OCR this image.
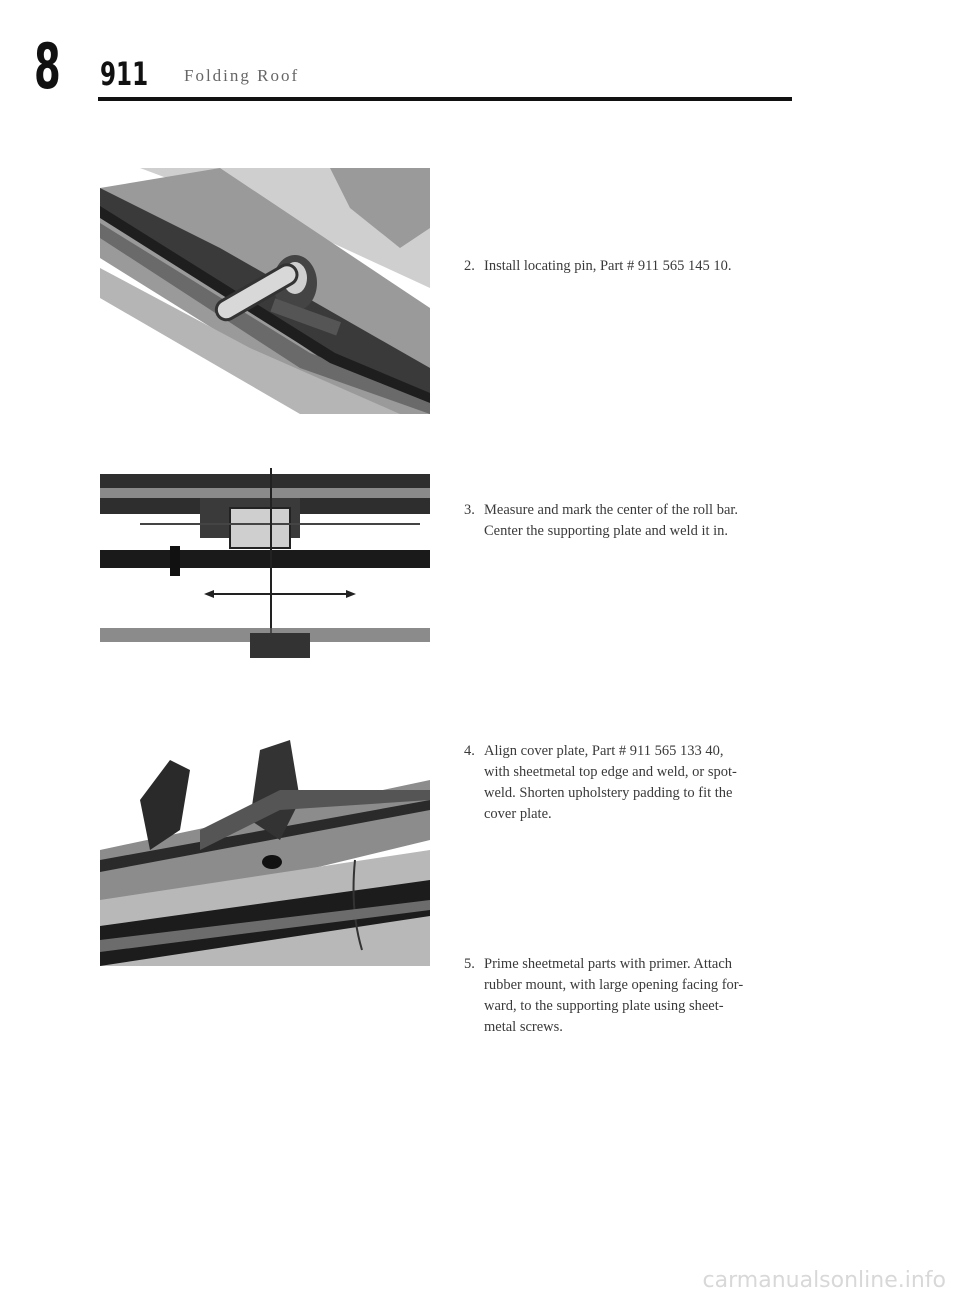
8 911 Folding Roof
2. Install locating pin, Part # 911 565 145 10.
3. Measure and mark the center of the roll bar.
Center the supporting plate and weld it in.
4. Align cover plate, Part # 911 565 133 40,
with sheetmetal top edge and weld, or spot-
weld. Shorten upholstery padding to fit the
cover plate.
5. Prime sheetmetal parts with primer. Attach
rubber mount, with large opening facing for-
ward, to the supporting plate using sheet-
metal screws.
carmanualsonline.info
